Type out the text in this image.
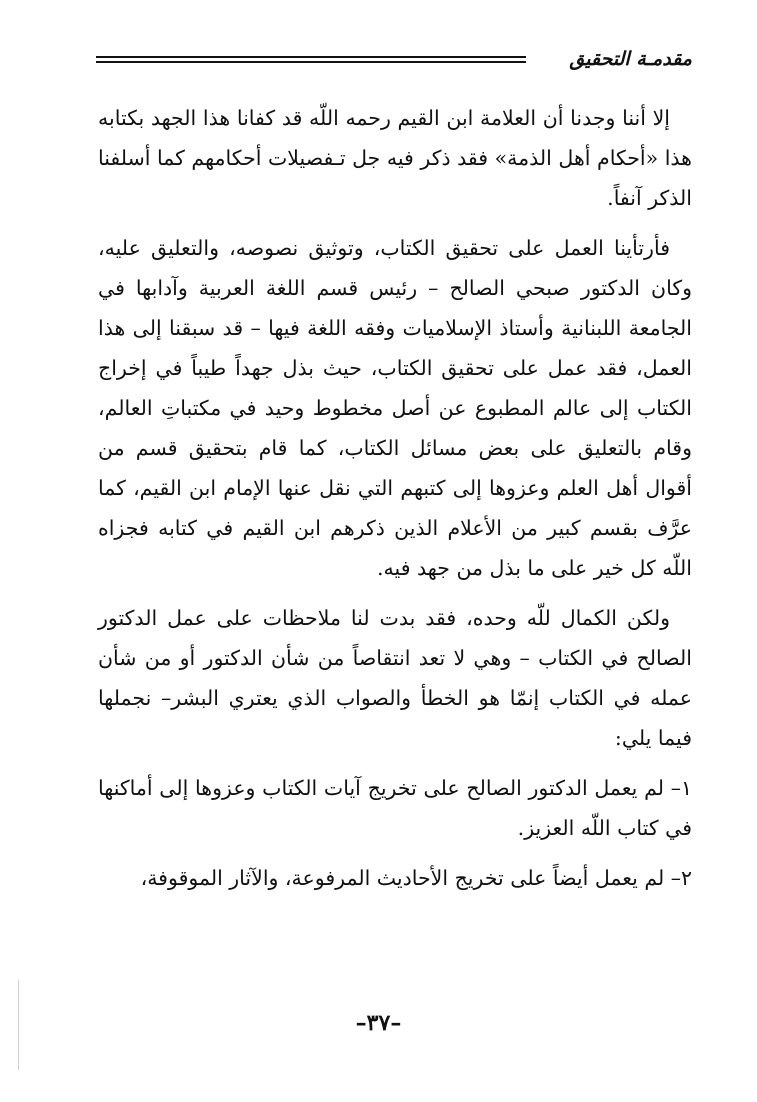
مقدمـة التحقيق

إلا أننا وجدنا أن العلامة ابن القيم رحمه اللّه قد كفانا هذا الجهد بكتابه هذا «أحكام أهل الذمة» فقد ذكر فيه جل تـفصيلات أحكامهم كما أسلفنا الذكر آنفاً.

فأرتأينا العمل على تحقيق الكتاب، وتوثيق نصوصه، والتعليق عليه، وكان الدكتور صبحي الصالح – رئيس قسم اللغة العربية وآدابها في الجامعة اللبنانية وأستاذ الإسلاميات وفقه اللغة فيها – قد سبقنا إلى هذا العمل، فقد عمل على تحقيق الكتاب، حيث بذل جهداً طيباً في إخراج الكتاب إلى عالم المطبوع عن أصل مخطوط وحيد في مكتباتِ العالم، وقام بالتعليق على بعض مسائل الكتاب، كما قام بتحقيق قسم من أقوال أهل العلم وعزوها إلى كتبهم التي نقل عنها الإمام ابن القيم، كما عرَّف بقسم كبير من الأعلام الذين ذكرهم ابن القيم في كتابه فجزاه اللّه كل خير على ما بذل من جهد فيه.

ولكن الكمال للّه وحده، فقد بدت لنا ملاحظات على عمل الدكتور الصالح في الكتاب – وهي لا تعد انتقاصاً من شأن الدكتور أو من شأن عمله في الكتاب إنمّا هو الخطأ والصواب الذي يعتري البشر– نجملها فيما يلي:

١– لم يعمل الدكتور الصالح على تخريج آيات الكتاب وعزوها إلى أماكنها في كتاب اللّه العزيز.

٢– لم يعمل أيضاً على تخريج الأحاديث المرفوعة، والآثار الموقوفة،

–٣٧–
